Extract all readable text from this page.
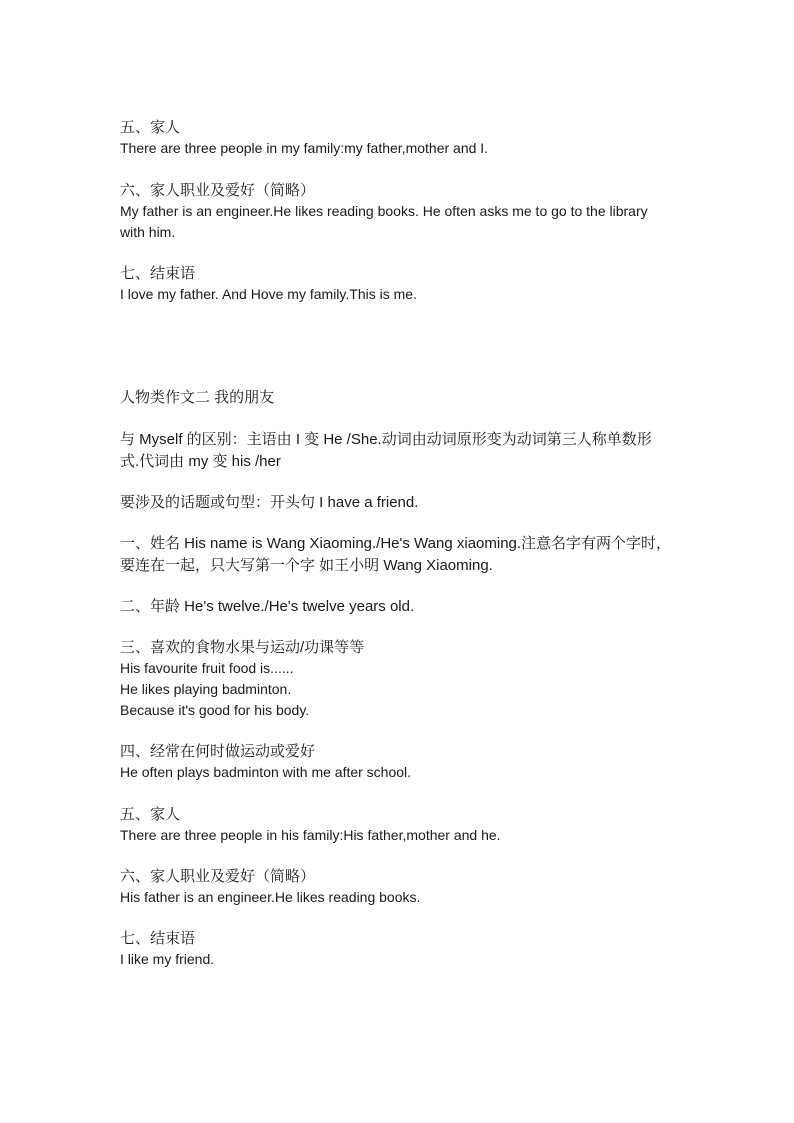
五、家人
There are three people in my family:my father,mother and I.
六、家人职业及爱好（简略）
My father is an engineer.He likes reading books. He often asks me to go to the library
with him.
七、结束语
I love my father. And Hove my family.This is me.
人物类作文二 我的朋友
与 Myself 的区别：主语由 I 变 He /She.动词由动词原形变为动词第三人称单数形
式.代词由 my 变 his /her
要涉及的话题或句型：开头句 I have a friend.
一、姓名 His name is Wang Xiaoming./He's Wang xiaoming.注意名字有两个字时，
要连在一起，只大写第一个字 如王小明 Wang Xiaoming.
二、年龄 He's twelve./He's twelve years old.
三、喜欢的食物水果与运动/功课等等
His favourite fruit food is......
He likes playing badminton.
Because it's good for his body.
四、经常在何时做运动或爱好
He often plays badminton with me after school.
五、家人
There are three people in his family:His father,mother and he.
六、家人职业及爱好（简略）
His father is an engineer.He likes reading books.
七、结束语
I like my friend.
